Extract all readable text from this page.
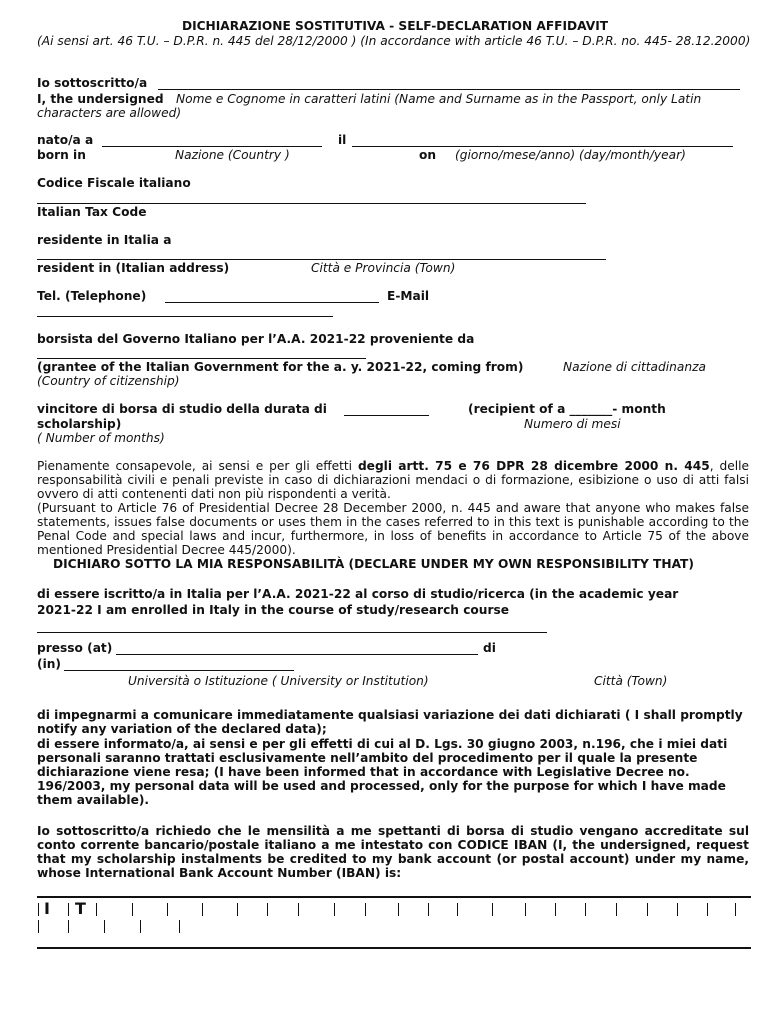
DICHIARAZIONE SOSTITUTIVA - SELF-DECLARATION AFFIDAVIT
(Ai sensi art. 46 T.U. – D.P.R. n. 445 del 28/12/2000 ) (In accordance with article 46 T.U. – D.P.R. no. 445- 28.12.2000)
Io sottoscritto/a
I, the undersigned	Nome e Cognome in caratteri latini (Name and Surname as in the Passport, only Latin characters are allowed)
nato/a a	il
born in	Nazione (Country )	on (giorno/mese/anno) (day/month/year)
Codice Fiscale italiano
Italian Tax Code
residente in Italia a
resident in (Italian address)	Città e Provincia (Town)
Tel. (Telephone)	E-Mail
borsista del Governo Italiano per l’A.A. 2021-22 proveniente da
(grantee of the Italian Government for the a. y. 2021-22, coming from)	Nazione di cittadinanza (Country of citizenship)
vincitore di borsa di studio della durata di	(recipient of a _______- month
scholarship)	Numero di mesi
( Number of months)
Pienamente consapevole, ai sensi e per gli effetti degli artt. 75 e 76 DPR 28 dicembre 2000 n. 445, delle responsabilità civili e penali previste in caso di dichiarazioni mendaci o di formazione, esibizione o uso di atti falsi ovvero di atti contenenti dati non più rispondenti a verità.
(Pursuant to Article 76 of Presidential Decree 28 December 2000, n. 445 and aware that anyone who makes false statements, issues false documents or uses them in the cases referred to in this text is punishable according to the Penal Code and special laws and incur, furthermore, in loss of benefits in accordance to Article 75 of the above mentioned Presidential Decree 445/2000).
DICHIARO SOTTO LA MIA RESPONSABILITÀ (DECLARE UNDER MY OWN RESPONSIBILITY THAT)
di essere iscritto/a in Italia per l’A.A. 2021-22 al corso di studio/ricerca (in the academic year
2021-22 I am enrolled in Italy in the course of study/research course
presso (at)	di
(in)
Università o Istituzione ( University or Institution)	Città (Town)
di impegnarmi a comunicare immediatamente qualsiasi variazione dei dati dichiarati ( I shall promptly notify any variation of the declared data);
di essere informato/a, ai sensi e per gli effetti di cui al D. Lgs. 30 giugno 2003, n.196, che i miei dati personali saranno trattati esclusivamente nell’ambito del procedimento per il quale la presente dichiarazione viene resa; (I have been informed that in accordance with Legislative Decree no. 196/2003, my personal data will be used and processed, only for the purpose for which I have made them available).
Io sottoscritto/a richiedo che le mensilità a me spettanti di borsa di studio vengano accreditate sul conto corrente bancario/postale italiano a me intestato con CODICE IBAN (I, the undersigned, request that my scholarship instalments be credited to my bank account (or postal account) under my name, whose International Bank Account Number (IBAN) is:
I T
